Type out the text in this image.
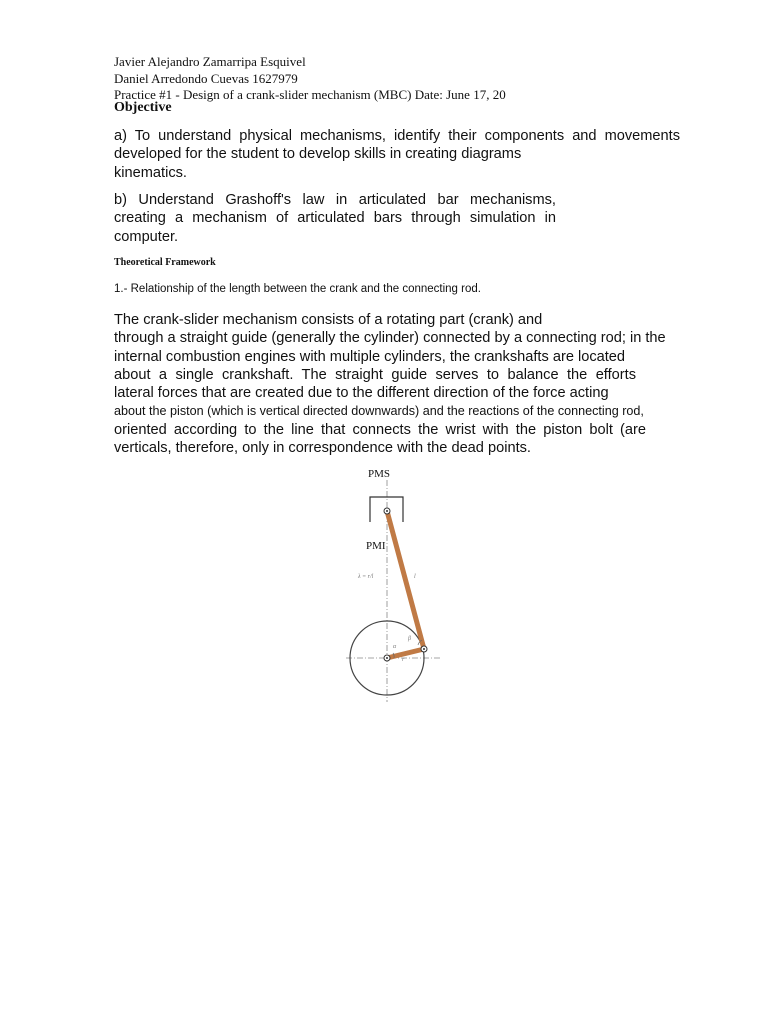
Javier Alejandro Zamarripa Esquivel
Daniel Arredondo Cuevas 1627979
Practice #1 - Design of a crank-slider mechanism (MBC) Date: June 17, 20
Objective
a) To understand physical mechanisms, identify their components and movements
developed for the student to develop skills in creating diagrams
kinematics.
b) Understand Grashoff's law in articulated bar mechanisms,
creating a mechanism of articulated bars through simulation in
computer.
Theoretical Framework
1.- Relationship of the length between the crank and the connecting rod.
The crank-slider mechanism consists of a rotating part (crank) and
through a straight guide (generally the cylinder) connected by a connecting rod; in the
internal combustion engines with multiple cylinders, the crankshafts are located
about a single crankshaft. The straight guide serves to balance the efforts
lateral forces that are created due to the different direction of the force acting
about the piston (which is vertical directed downwards) and the reactions of the connecting rod,
oriented according to the line that connects the wrist with the piston bolt (are
verticals, therefore, only in correspondence with the dead points.
PMS
PMI
λ = r/l	l
β
α
r
